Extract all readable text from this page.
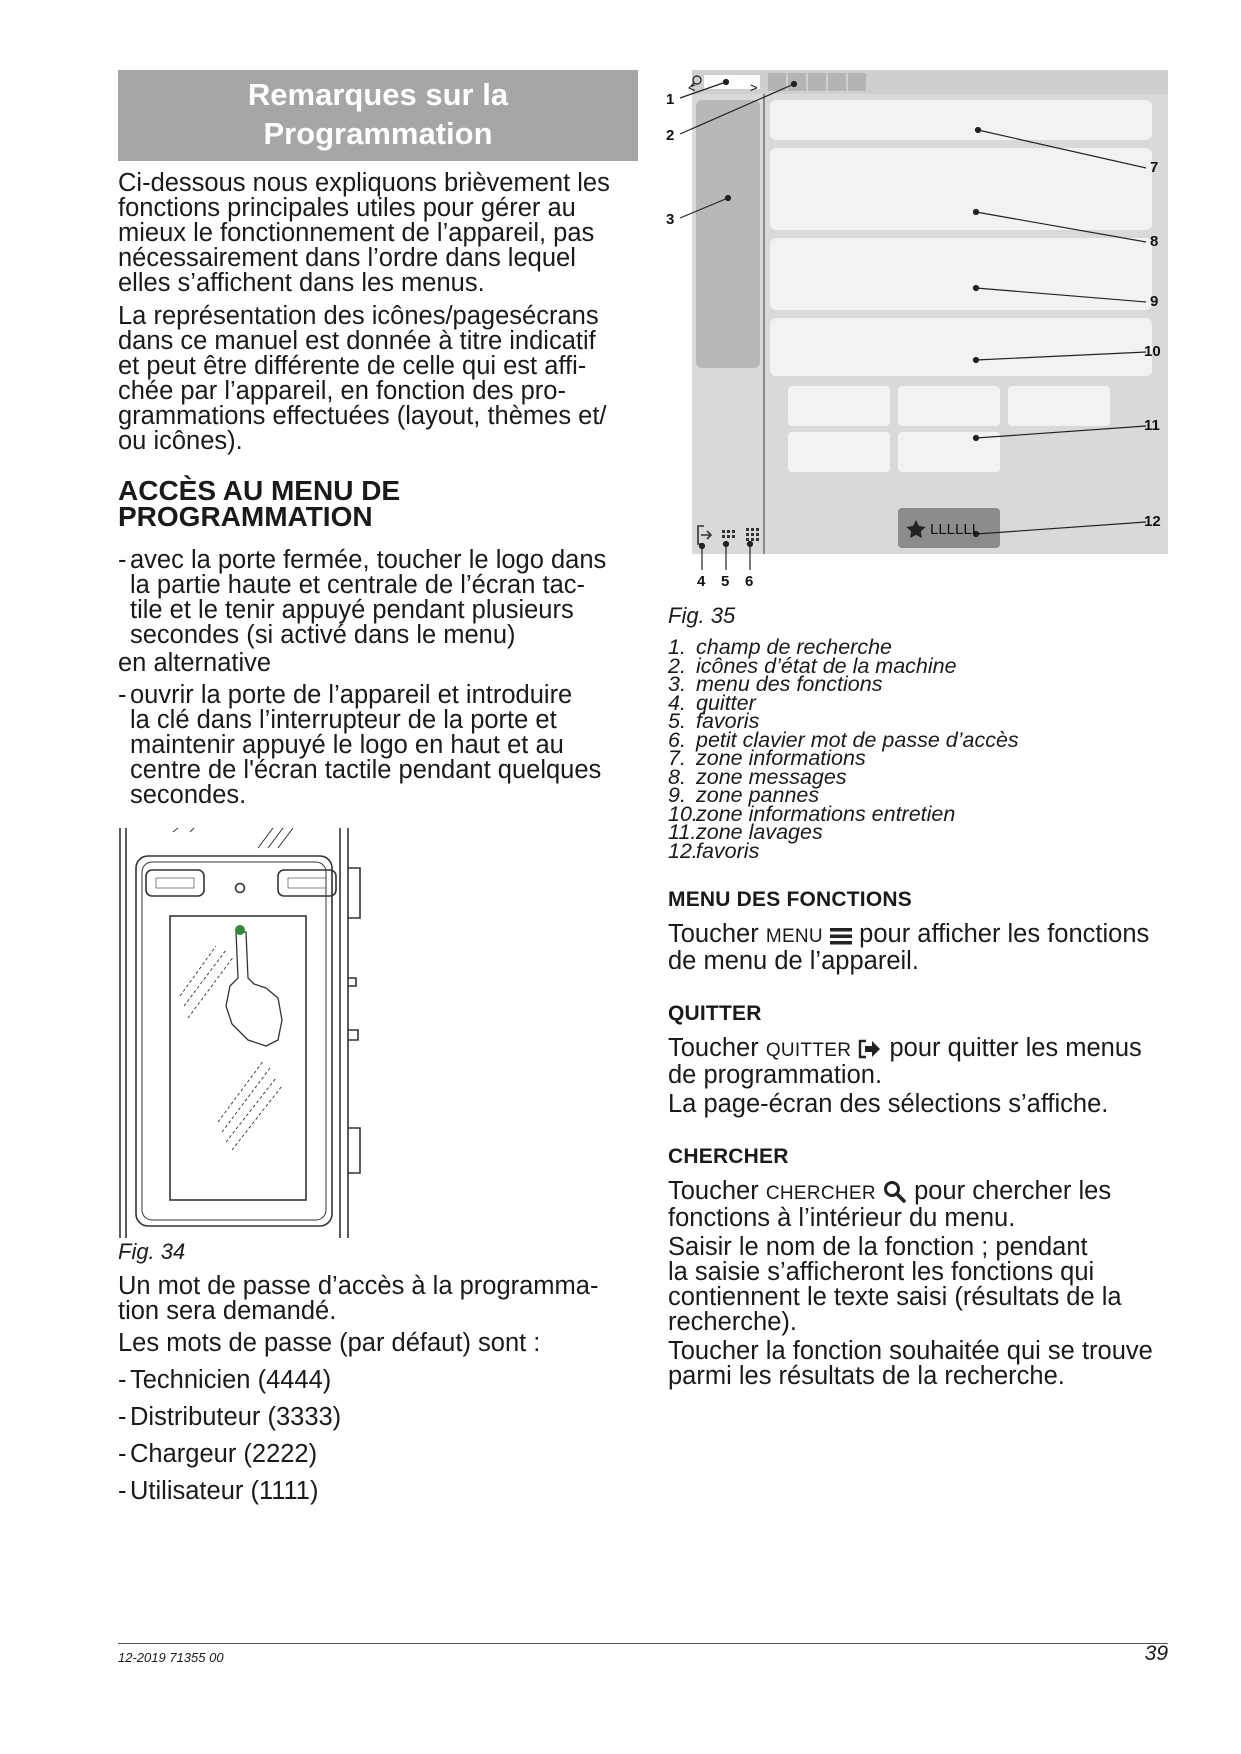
Remarques sur la
Programmation
Ci-dessous nous expliquons brièvement les
fonctions principales utiles pour gérer au
mieux le fonctionnement de l’appareil, pas
nécessairement dans l’ordre dans lequel
elles s’affichent dans les menus.
La représentation des icônes/pagesécrans
dans ce manuel est donnée à titre indicatif
et peut être différente de celle qui est affi-
chée par l’appareil, en fonction des pro-
grammations effectuées (layout, thèmes et/
ou icônes).
ACCÈS AU MENU DE
PROGRAMMATION
- avec la porte fermée, toucher le logo dans
la partie haute et centrale de l’écran tac-
tile et le tenir appuyé pendant plusieurs
secondes (si activé dans le menu)
en alternative
- ouvrir la porte de l’appareil et introduire
la clé dans l’interrupteur de la porte et
maintenir appuyé le logo en haut et au
centre de l'écran tactile pendant quelques
secondes.
Fig. 34
Un mot de passe d’accès à la programma-
tion sera demandé.
Les mots de passe (par défaut) sont :
- Technicien (4444)
- Distributeur (3333)
- Chargeur (2222)
- Utilisateur (1111)
<	>
LLLLLL
1
2
3
4 5 6
7
8
9
10
11
12
Fig. 35
1. champ de recherche
2. icônes d’état de la machine
3. menu des fonctions
4. quitter
5. favoris
6. petit clavier mot de passe d’accès
7. zone informations
8. zone messages
9. zone pannes
10.
zone informations entretien
11. zone lavages
12.
favoris
MENU DES FONCTIONS
Toucher MENU  pour afficher les fonctions
de menu de l’appareil.
QUITTER
Toucher QUITTER  pour quitter les menus
de programmation.
La page-écran des sélections s’affiche.
CHERCHER
Toucher CHERCHER  pour chercher les
fonctions à l’intérieur du menu.
Saisir le nom de la fonction ; pendant
la saisie s’afficheront les fonctions qui
contiennent le texte saisi (résultats de la
recherche).
Toucher la fonction souhaitée qui se trouve
parmi les résultats de la recherche.
12-2019 71355 00	39
